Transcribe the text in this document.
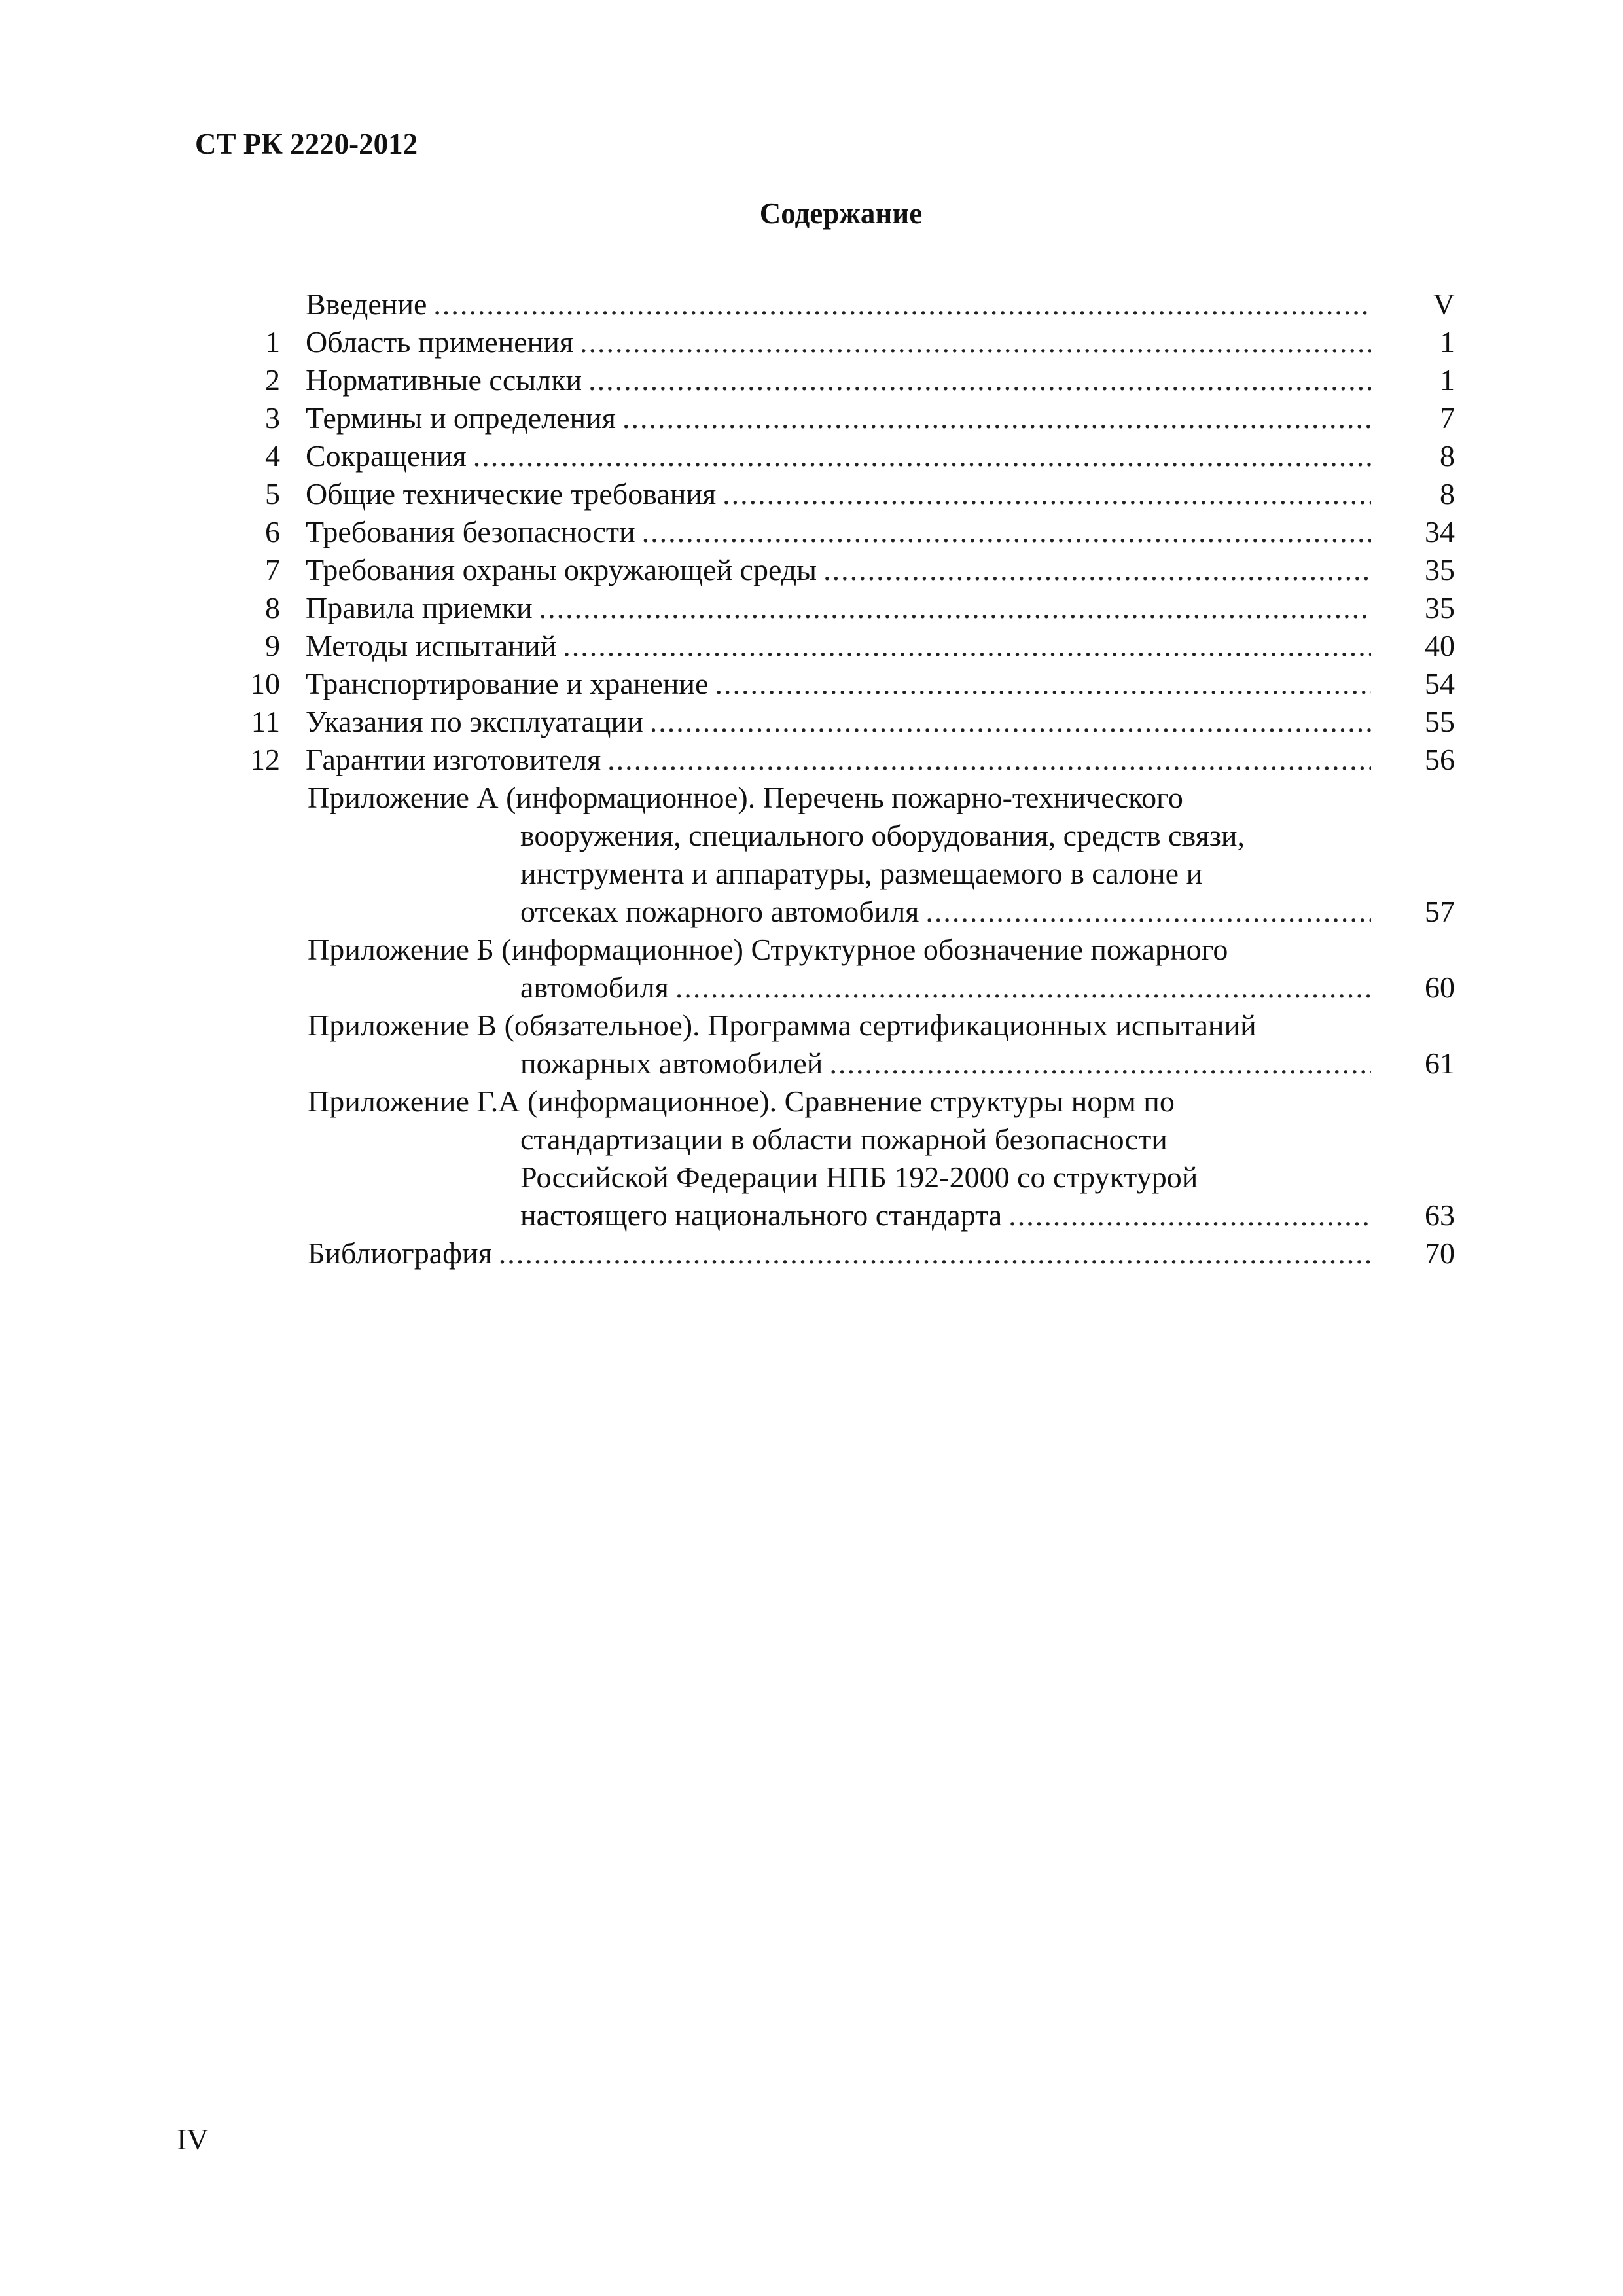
СТ РК 2220-2012
Содержание
Введение .....	V
1 Область применения .....	1
2 Нормативные ссылки .....	1
3 Термины и определения .....	7
4 Сокращения .....	8
5 Общие технические требования .....	8
6 Требования безопасности .....	34
7 Требования охраны окружающей среды .....	35
8 Правила приемки .....	35
9 Методы испытаний .....	40
10 Транспортирование и хранение .....	54
11 Указания по эксплуатации .....	55
12 Гарантии изготовителя .....	56
Приложение А (информационное). Перечень пожарно-технического
вооружения, специального оборудования, средств связи,
инструмента и аппаратуры, размещаемого в салоне и
отсеках пожарного автомобиля .....	57
Приложение Б (информационное) Структурное обозначение пожарного
автомобиля .....	60
Приложение В (обязательное). Программа сертификационных испытаний
пожарных автомобилей .....	61
Приложение Г.А (информационное). Сравнение структуры норм по
стандартизации в области пожарной безопасности
Российской Федерации НПБ 192-2000 со структурой
настоящего национального стандарта .....	63
Библиография .....	70
IV
